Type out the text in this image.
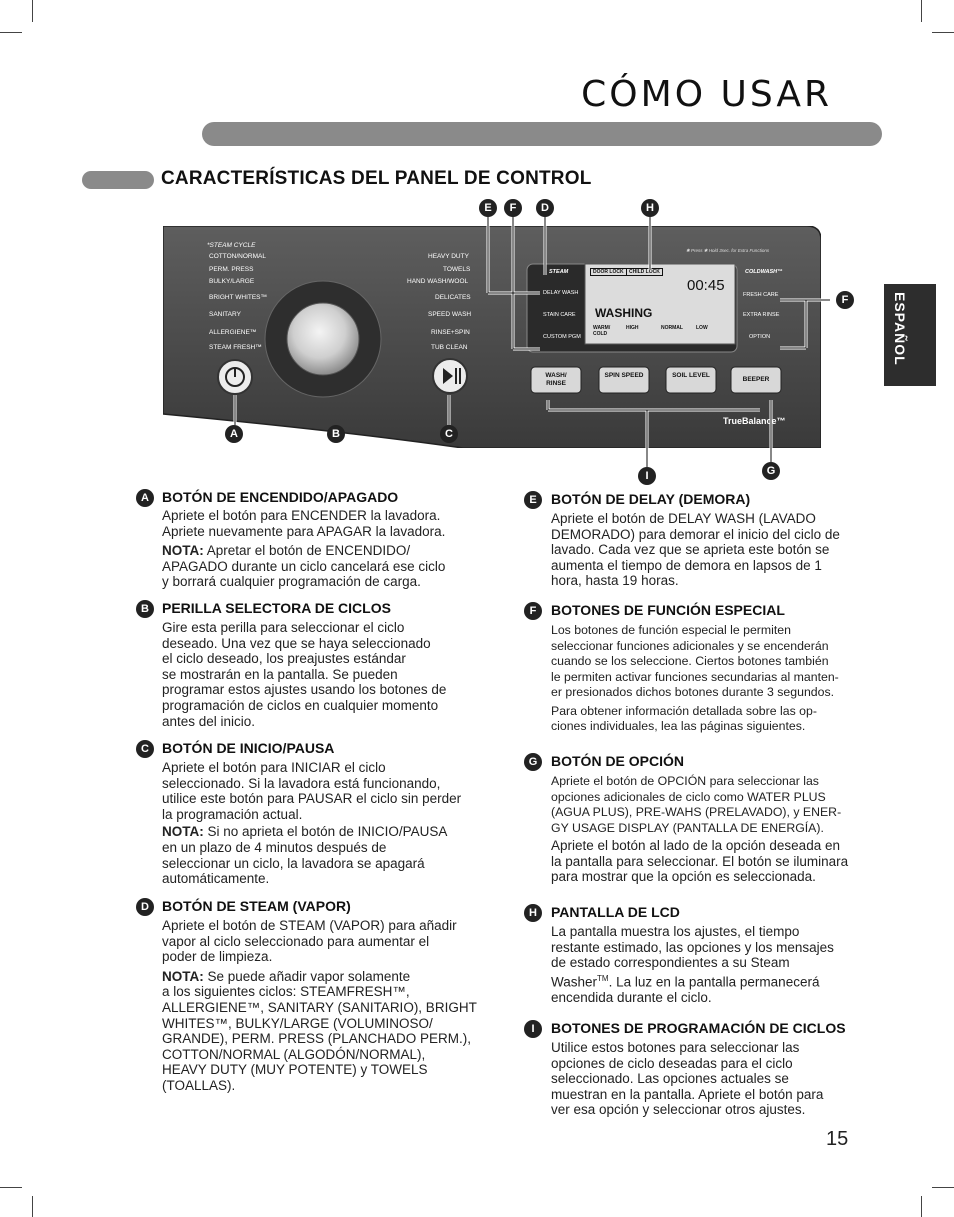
CÓMO USAR
CARACTERÍSTICAS DEL PANEL DE CONTROL
ESPAÑOL
*STEAM CYCLE
COTTON/NORMAL
PERM. PRESS
BULKY/LARGE
BRIGHT WHITES™
SANITARY
ALLERGIENE™
STEAM FRESH™
HEAVY DUTY
TOWELS
HAND WASH/WOOL
DELICATES
SPEED WASH
RINSE+SPIN
TUB CLEAN
STEAM
DELAY WASH
STAIN CARE
CUSTOM PGM
COLDWASH™
FRESH CARE
EXTRA RINSE
OPTION
DOOR LOCK	CHILD LOCK
00:45
WASHING
WARM/ COLD
HIGH	NORMAL	LOW
WASH/ RINSE
SPIN SPEED	SOIL LEVEL
BEEPER
✱ Press ✱ Hold 3sec. for Extra Functions
TrueBalance™
E	F	D	H
F
A	B	C
I	G
A BOTÓN DE ENCENDIDO/APAGADO
Apriete el botón para ENCENDER la lavadora.
Apriete nuevamente para APAGAR la lavadora.
NOTA: Apretar el botón de ENCENDIDO/
APAGADO durante un ciclo cancelará ese ciclo
y borrará cualquier programación de carga.
B PERILLA SELECTORA DE CICLOS
Gire esta perilla para seleccionar el ciclo
deseado. Una vez que se haya seleccionado
el ciclo deseado, los preajustes estándar
se mostrarán en la pantalla. Se pueden
programar estos ajustes usando los botones de
programación de ciclos en cualquier momento
antes del inicio.
C BOTÓN DE INICIO/PAUSA
Apriete el botón para INICIAR el ciclo
seleccionado. Si la lavadora está funcionando,
utilice este botón para PAUSAR el ciclo sin perder
la programación actual.
NOTA: Si no aprieta el botón de INICIO/PAUSA
en un plazo de 4 minutos después de
seleccionar un ciclo, la lavadora se apagará
automáticamente.
D BOTÓN DE STEAM (VAPOR)
Apriete el botón de STEAM (VAPOR) para añadir
vapor al ciclo seleccionado para aumentar el
poder de limpieza.
NOTA: Se puede añadir vapor solamente
a los siguientes ciclos: STEAMFRESH™,
ALLERGIENE™, SANITARY (SANITARIO), BRIGHT
WHITES™, BULKY/LARGE (VOLUMINOSO/
GRANDE), PERM. PRESS (PLANCHADO PERM.),
COTTON/NORMAL (ALGODÓN/NORMAL),
HEAVY DUTY (MUY POTENTE) y TOWELS
(TOALLAS).
E	BOTÓN DE DELAY (DEMORA)
Apriete el botón de DELAY WASH (LAVADO
DEMORADO) para demorar el inicio del ciclo de
lavado. Cada vez que se aprieta este botón se
aumenta el tiempo de demora en lapsos de 1
hora, hasta 19 horas.
F	BOTONES DE FUNCIÓN ESPECIAL
Los botones de función especial le permiten
seleccionar funciones adicionales y se encenderán
cuando se los seleccione. Ciertos botones también
le permiten activar funciones secundarias al manten-
er presionados dichos botones durante 3 segundos.
Para obtener información detallada sobre las op-
ciones individuales, lea las páginas siguientes.
G BOTÓN DE OPCIÓN
Apriete el botón de OPCIÓN para seleccionar las
opciones adicionales de ciclo como WATER PLUS
(AGUA PLUS), PRE-WAHS (PRELAVADO), y ENER-
GY USAGE DISPLAY (PANTALLA DE ENERGÍA).
Apriete el botón al lado de la opción deseada en
la pantalla para seleccionar. El botón se iluminara
para mostrar que la opción es seleccionada.
H	PANTALLA DE LCD
La pantalla muestra los ajustes, el tiempo
restante estimado, las opciones y los mensajes
de estado correspondientes a su Steam
Washer™. La luz en la pantalla permanecerá
encendida durante el ciclo.
I	BOTONES DE PROGRAMACIÓN DE CICLOS
Utilice estos botones para seleccionar las
opciones de ciclo deseadas para el ciclo
seleccionado. Las opciones actuales se
muestran en la pantalla. Apriete el botón para
ver esa opción y seleccionar otros ajustes.
15
